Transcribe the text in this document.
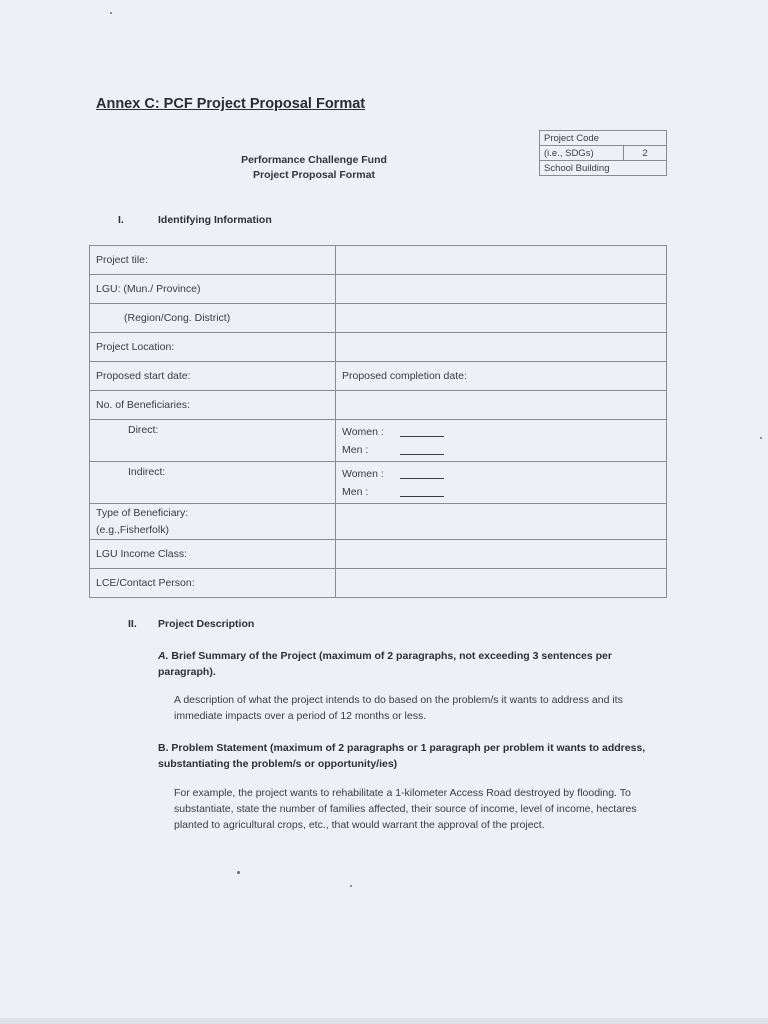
Annex C: PCF Project Proposal Format
Project Code
(i.e., SDGs)	2
School Building
Performance Challenge Fund
Project Proposal Format
I.	Identifying Information
Project tile:	
LGU: (Mun./ Province)	
(Region/Cong. District)	
Project Location:	
Proposed start date:	Proposed completion date:
No. of Beneficiaries:	
Direct:	Women :
Men :

Indirect:	Women :
Men :

Type of Beneficiary:
(e.g.,Fisherfolk)	

LGU Income Class:	
LCE/Contact Person:	
II. Project Description
A. Brief Summary of the Project (maximum of 2 paragraphs, not exceeding 3 sentences per paragraph).
A description of what the project intends to do based on the problem/s it wants to address and its immediate impacts over a period of 12 months or less.
B. Problem Statement (maximum of 2 paragraphs or 1 paragraph per problem it wants to address, substantiating the problem/s or opportunity/ies)
For example, the project wants to rehabilitate a 1-kilometer Access Road destroyed by flooding. To substantiate, state the number of families affected, their source of income, level of income, hectares planted to agricultural crops, etc., that would warrant the approval of the project.
